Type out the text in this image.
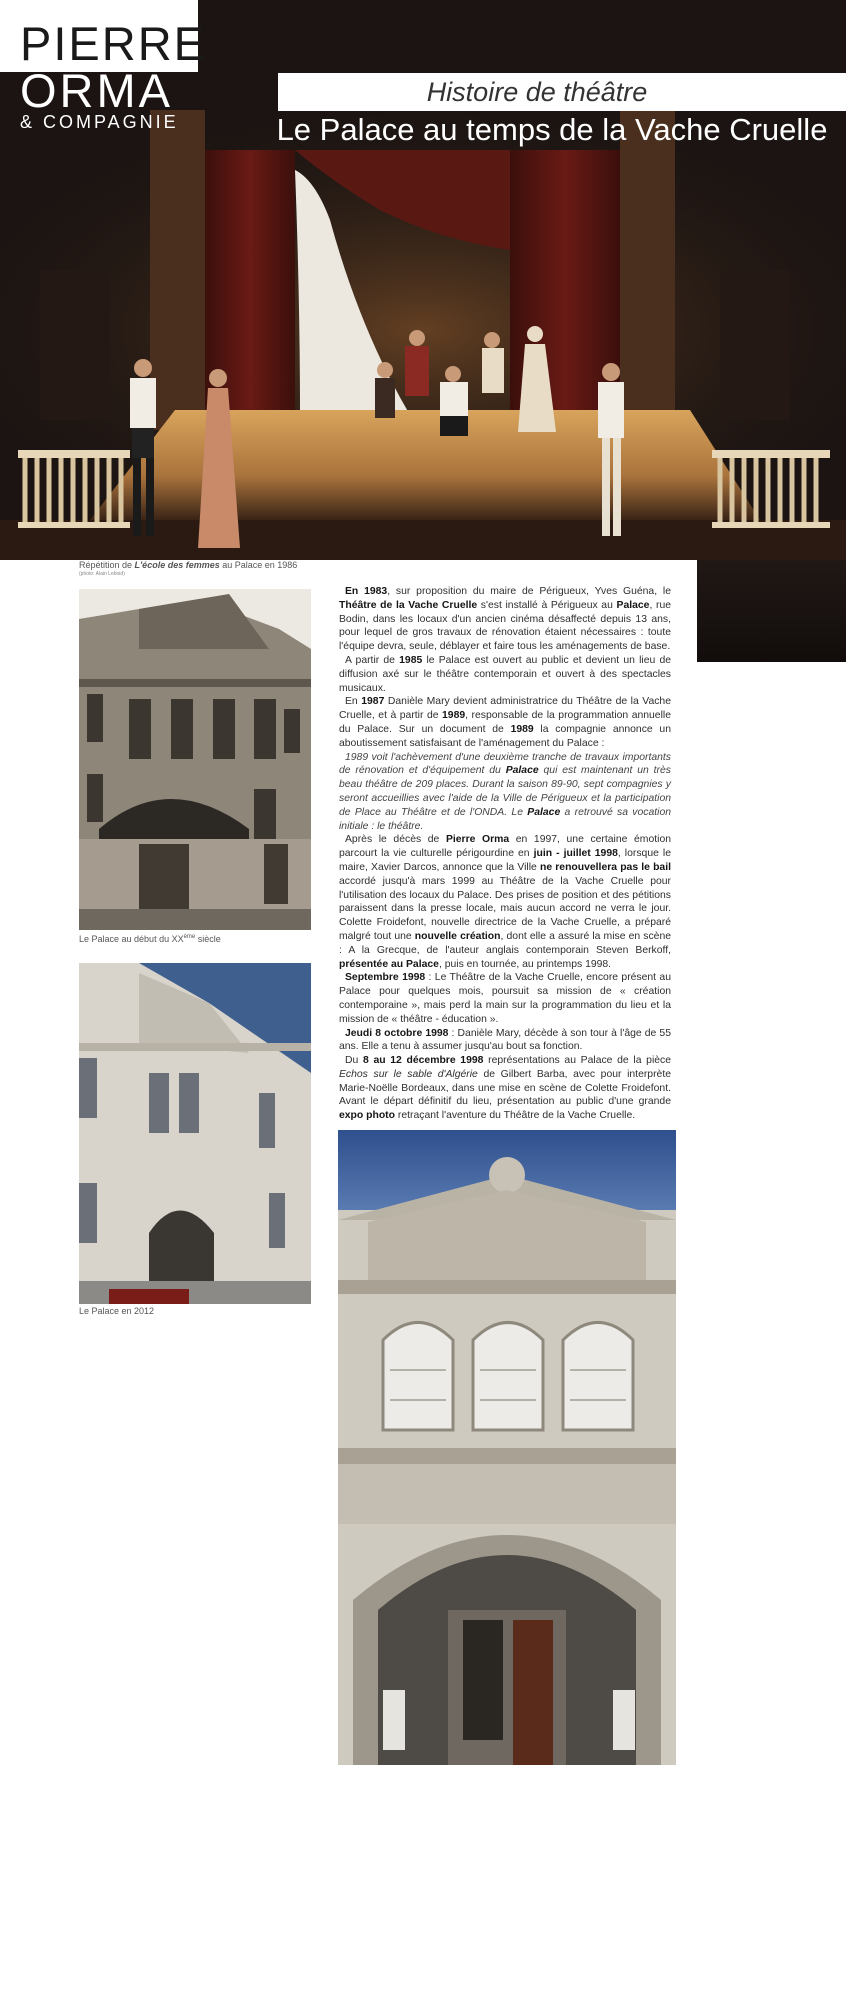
PIERRE
ORMA
& COMPAGNIE
Histoire de théâtre
Le Palace au temps de la Vache Cruelle
Répétition de L'école des femmes au Palace en 1986
(photo: Alain Leboid)
Le Palace au début du XXème siècle
Le Palace en 2012

En 1983, sur proposition du maire de Périgueux, Yves Guéna, le Théâtre de la Vache Cruelle s'est installé à Périgueux au Palace, rue Bodin, dans les locaux d'un ancien cinéma désaffecté depuis 13 ans, pour lequel de gros travaux de rénovation étaient nécessaires : toute l'équipe devra, seule, déblayer et faire tous les aménagements de base.

A partir de 1985 le Palace est ouvert au public et devient un lieu de diffusion axé sur le théâtre contemporain et ouvert à des spectacles musicaux.

En 1987 Danièle Mary devient administratrice du Théâtre de la Vache Cruelle, et à partir de 1989, responsable de la programmation annuelle du Palace. Sur un document de 1989 la compagnie annonce un aboutissement satisfaisant de l'aménagement du Palace :

1989 voit l'achèvement d'une deuxième tranche de travaux importants de rénovation et d'équipement du Palace qui est maintenant un très beau théâtre de 209 places. Durant la saison 89-90, sept compagnies y seront accueillies avec l'aide de la Ville de Périgueux et la participation de Place au Théâtre et de l'ONDA. Le Palace a retrouvé sa vocation initiale : le théâtre.

Après le décès de Pierre Orma en 1997, une certaine émotion parcourt la vie culturelle périgourdine en juin - juillet 1998, lorsque le maire, Xavier Darcos, annonce que la Ville ne renouvellera pas le bail accordé jusqu'à mars 1999 au Théâtre de la Vache Cruelle pour l'utilisation des locaux du Palace. Des prises de position et des pétitions paraissent dans la presse locale, mais aucun accord ne verra le jour. Colette Froidefont, nouvelle directrice de la Vache Cruelle, a préparé malgré tout une nouvelle création, dont elle a assuré la mise en scène : A la Grecque, de l'auteur anglais contemporain Steven Berkoff, présentée au Palace, puis en tournée, au printemps 1998.

Septembre 1998 : Le Théâtre de la Vache Cruelle, encore présent au Palace pour quelques mois, poursuit sa mission de « création contemporaine », mais perd la main sur la programmation du lieu et la mission de « théâtre - éducation ».

Jeudi 8 octobre 1998 : Danièle Mary, décède à son tour à l'âge de 55 ans. Elle a tenu à assumer jusqu'au bout sa fonction.

Du 8 au 12 décembre 1998 représentations au Palace de la pièce Echos sur le sable d'Algérie de Gilbert Barba, avec pour interprète Marie-Noëlle Bordeaux, dans une mise en scène de Colette Froidefont. Avant le départ définitif du lieu, présentation au public d'une grande expo photo retraçant l'aventure du Théâtre de la Vache Cruelle.
